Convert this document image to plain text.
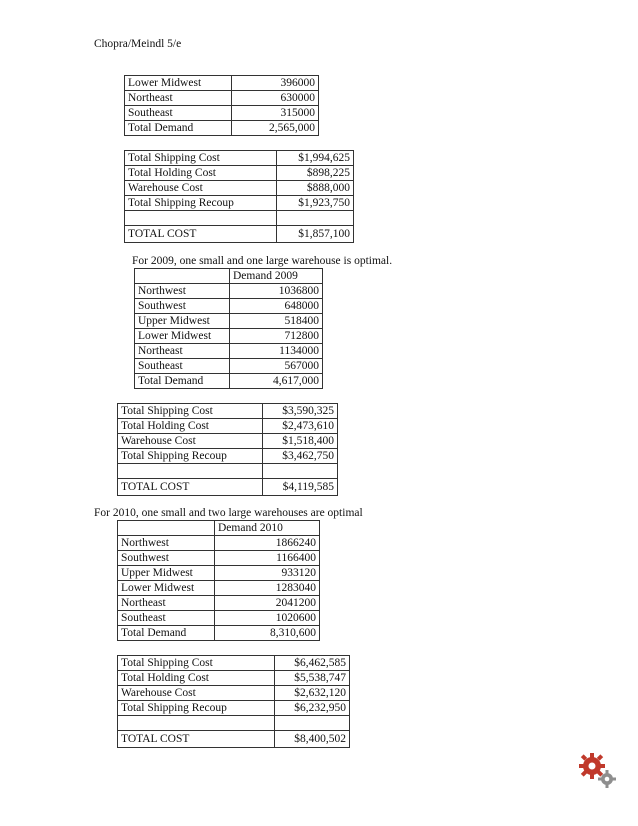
Chopra/Meindl 5/e
Lower Midwest	396000
Northeast	630000
Southeast	315000
Total Demand	2,565,000
Total Shipping Cost	$1,994,625
Total Holding Cost	$898,225
Warehouse Cost	$888,000
Total Shipping Recoup	$1,923,750

TOTAL COST	$1,857,100
For 2009, one small and one large warehouse is optimal.
	Demand 2009
Northwest	1036800
Southwest	648000
Upper Midwest	518400
Lower Midwest	712800
Northeast	1134000
Southeast	567000
Total Demand	4,617,000
Total Shipping Cost	$3,590,325
Total Holding Cost	$2,473,610
Warehouse Cost	$1,518,400
Total Shipping Recoup	$3,462,750

TOTAL COST	$4,119,585
For 2010, one small and two large warehouses are optimal
	Demand 2010
Northwest	1866240
Southwest	1166400
Upper Midwest	933120
Lower Midwest	1283040
Northeast	2041200
Southeast	1020600
Total Demand	8,310,600
Total Shipping Cost	$6,462,585
Total Holding Cost	$5,538,747
Warehouse Cost	$2,632,120
Total Shipping Recoup	$6,232,950

TOTAL COST	$8,400,502
